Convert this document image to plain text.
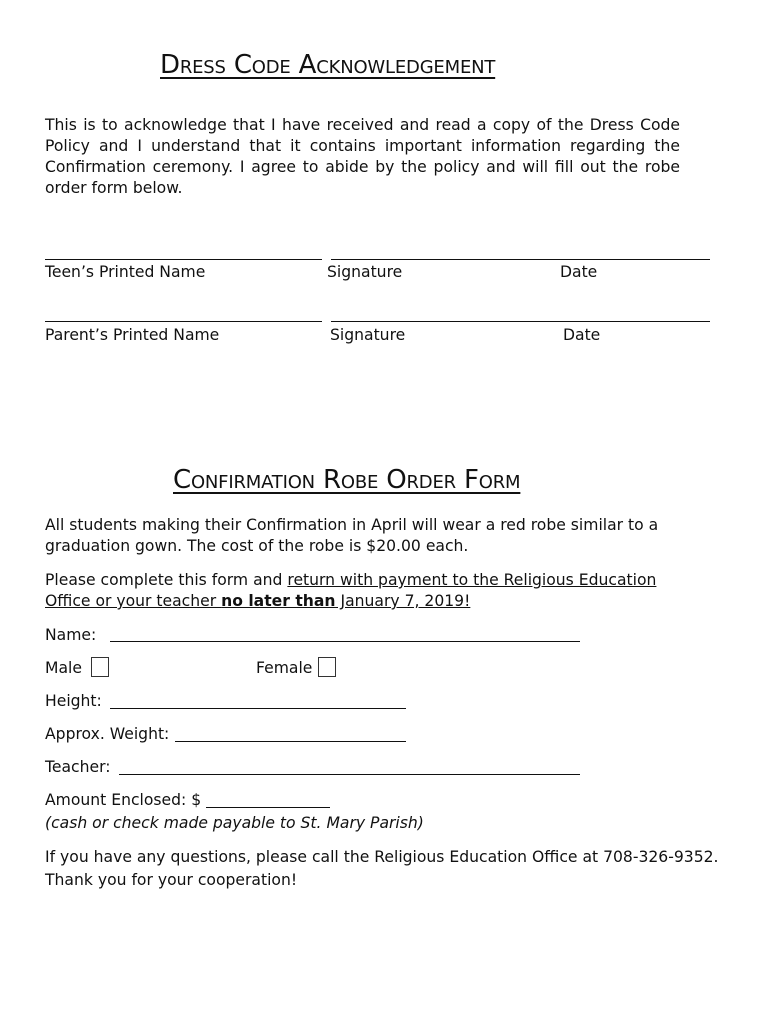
Dress Code Acknowledgement
This is to acknowledge that I have received and read a copy of the Dress Code Policy and I understand that it contains important information regarding the Confirmation ceremony. I agree to abide by the policy and will fill out the robe order form below.
Teen’s Printed Name	Signature	Date
Parent’s Printed Name	Signature	Date
Confirmation Robe Order Form
All students making their Confirmation in April will wear a red robe similar to a graduation gown. The cost of the robe is $20.00 each.
Please complete this form and return with payment to the Religious Education Office or your teacher no later than January 7, 2019!
Name:
Male	Female
Height:
Approx. Weight:
Teacher:
Amount Enclosed: $
(cash or check made payable to St. Mary Parish)
If you have any questions, please call the Religious Education Office at 708-326-9352.
Thank you for your cooperation!
